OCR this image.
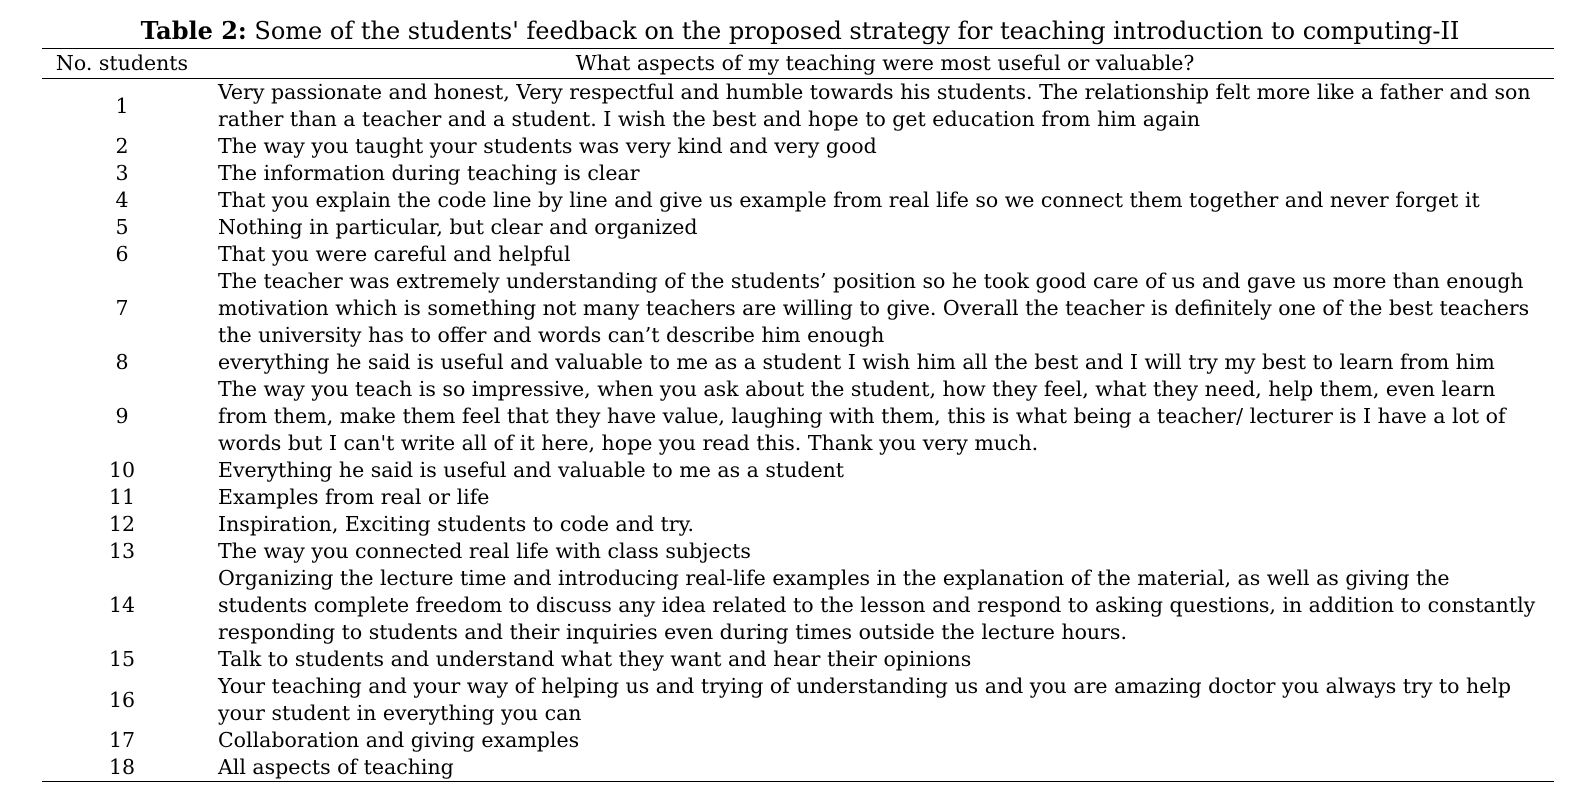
Table 2: Some of the students' feedback on the proposed strategy for teaching introduction to computing-II
No. students	What aspects of my teaching were most useful or valuable?
1	Very passionate and honest, Very respectful and humble towards his students. The relationship felt more like a father and son rather than a teacher and a student. I wish the best and hope to get education from him again
2	The way you taught your students was very kind and very good
3	The information during teaching is clear
4	That you explain the code line by line and give us example from real life so we connect them together and never forget it
5	Nothing in particular, but clear and organized
6	That you were careful and helpful
7	The teacher was extremely understanding of the students’ position so he took good care of us and gave us more than enough motivation which is something not many teachers are willing to give. Overall the teacher is definitely one of the best teachers the university has to offer and words can’t describe him enough
8	everything he said is useful and valuable to me as a student I wish him all the best and I will try my best to learn from him
9	The way you teach is so impressive, when you ask about the student, how they feel, what they need, help them, even learn from them, make them feel that they have value, laughing with them, this is what being a teacher/ lecturer is I have a lot of words but I can't write all of it here, hope you read this. Thank you very much.
10	Everything he said is useful and valuable to me as a student
11	Examples from real or life
12	Inspiration, Exciting students to code and try.
13	The way you connected real life with class subjects
14	Organizing the lecture time and introducing real-life examples in the explanation of the material, as well as giving the students complete freedom to discuss any idea related to the lesson and respond to asking questions, in addition to constantly responding to students and their inquiries even during times outside the lecture hours.
15	Talk to students and understand what they want and hear their opinions
16	Your teaching and your way of helping us and trying of understanding us and you are amazing doctor you always try to help your student in everything you can
17	Collaboration and giving examples
18	All aspects of teaching
